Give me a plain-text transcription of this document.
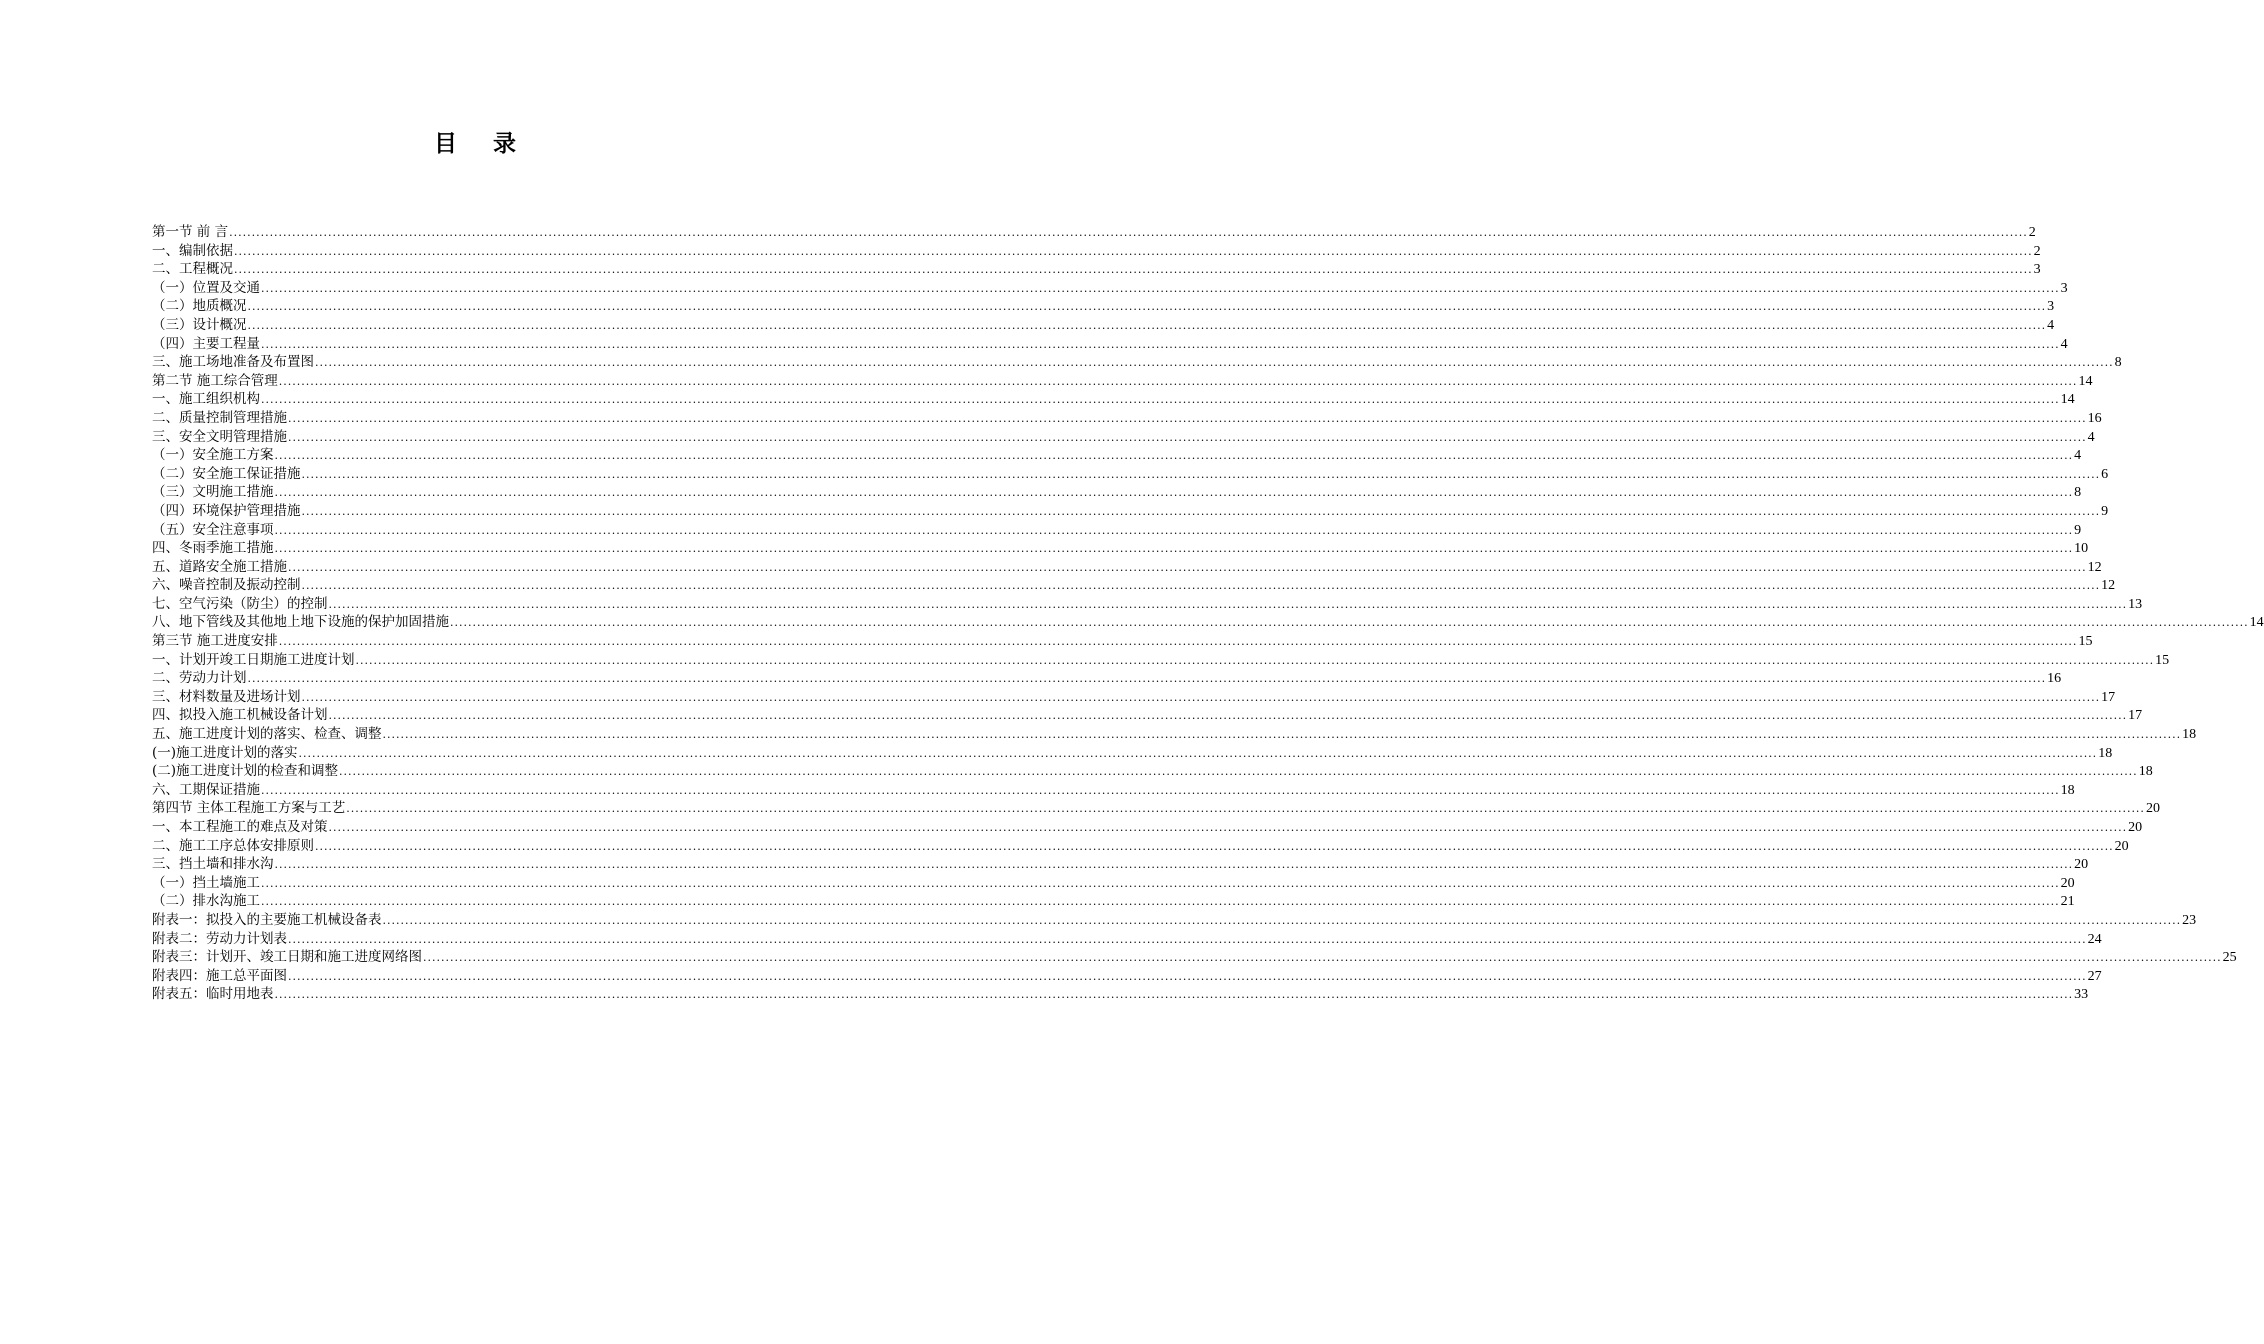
目 录
第一节 前 言 ................................................................................................................................................................................................................................................................................................................................................................................................................ 2
一、编制依据 ................................................................................................................................................................................................................................................................................................................................................................................................................ 2
二、工程概况 ................................................................................................................................................................................................................................................................................................................................................................................................................ 3
（一）位置及交通 ................................................................................................................................................................................................................................................................................................................................................................................................................ 3
（二）地质概况 ................................................................................................................................................................................................................................................................................................................................................................................................................ 3
（三）设计概况 ................................................................................................................................................................................................................................................................................................................................................................................................................ 4
（四）主要工程量 ................................................................................................................................................................................................................................................................................................................................................................................................................ 4
三、施工场地准备及布置图 ................................................................................................................................................................................................................................................................................................................................................................................................................ 8
第二节 施工综合管理 ................................................................................................................................................................................................................................................................................................................................................................................................................ 14
一、施工组织机构 ................................................................................................................................................................................................................................................................................................................................................................................................................ 14
二、质量控制管理措施 ................................................................................................................................................................................................................................................................................................................................................................................................................ 16
三、安全文明管理措施 ................................................................................................................................................................................................................................................................................................................................................................................................................ 4
（一）安全施工方案 ................................................................................................................................................................................................................................................................................................................................................................................................................ 4
（二）安全施工保证措施 ................................................................................................................................................................................................................................................................................................................................................................................................................ 6
（三）文明施工措施 ................................................................................................................................................................................................................................................................................................................................................................................................................ 8
（四）环境保护管理措施 ................................................................................................................................................................................................................................................................................................................................................................................................................ 9
（五）安全注意事项 ................................................................................................................................................................................................................................................................................................................................................................................................................ 9
四、冬雨季施工措施 ................................................................................................................................................................................................................................................................................................................................................................................................................ 10
五、道路安全施工措施 ................................................................................................................................................................................................................................................................................................................................................................................................................ 12
六、噪音控制及振动控制 ................................................................................................................................................................................................................................................................................................................................................................................................................ 12
七、空气污染（防尘）的控制 ................................................................................................................................................................................................................................................................................................................................................................................................................ 13
八、地下管线及其他地上地下设施的保护加固措施 ................................................................................................................................................................................................................................................................................................................................................................................................................ 14
第三节 施工进度安排 ................................................................................................................................................................................................................................................................................................................................................................................................................ 15
一、计划开竣工日期施工进度计划 ................................................................................................................................................................................................................................................................................................................................................................................................................ 15
二、劳动力计划 ................................................................................................................................................................................................................................................................................................................................................................................................................ 16
三、材料数量及进场计划 ................................................................................................................................................................................................................................................................................................................................................................................................................ 17
四、拟投入施工机械设备计划 ................................................................................................................................................................................................................................................................................................................................................................................................................ 17
五、施工进度计划的落实、检查、调整 ................................................................................................................................................................................................................................................................................................................................................................................................................ 18
(一)施工进度计划的落实 ................................................................................................................................................................................................................................................................................................................................................................................................................ 18
(二)施工进度计划的检查和调整 ................................................................................................................................................................................................................................................................................................................................................................................................................ 18
六、工期保证措施 ................................................................................................................................................................................................................................................................................................................................................................................................................ 18
第四节 主体工程施工方案与工艺 ................................................................................................................................................................................................................................................................................................................................................................................................................ 20
一、本工程施工的难点及对策 ................................................................................................................................................................................................................................................................................................................................................................................................................ 20
二、施工工序总体安排原则 ................................................................................................................................................................................................................................................................................................................................................................................................................ 20
三、挡土墙和排水沟 ................................................................................................................................................................................................................................................................................................................................................................................................................ 20
（一）挡土墙施工 ................................................................................................................................................................................................................................................................................................................................................................................................................ 20
（二）排水沟施工 ................................................................................................................................................................................................................................................................................................................................................................................................................ 21
附表一：拟投入的主要施工机械设备表 ................................................................................................................................................................................................................................................................................................................................................................................................................ 23
附表二：劳动力计划表 ................................................................................................................................................................................................................................................................................................................................................................................................................ 24
附表三：计划开、竣工日期和施工进度网络图 ................................................................................................................................................................................................................................................................................................................................................................................................................ 25
附表四：施工总平面图 ................................................................................................................................................................................................................................................................................................................................................................................................................ 27
附表五：临时用地表 ................................................................................................................................................................................................................................................................................................................................................................................................................ 33
